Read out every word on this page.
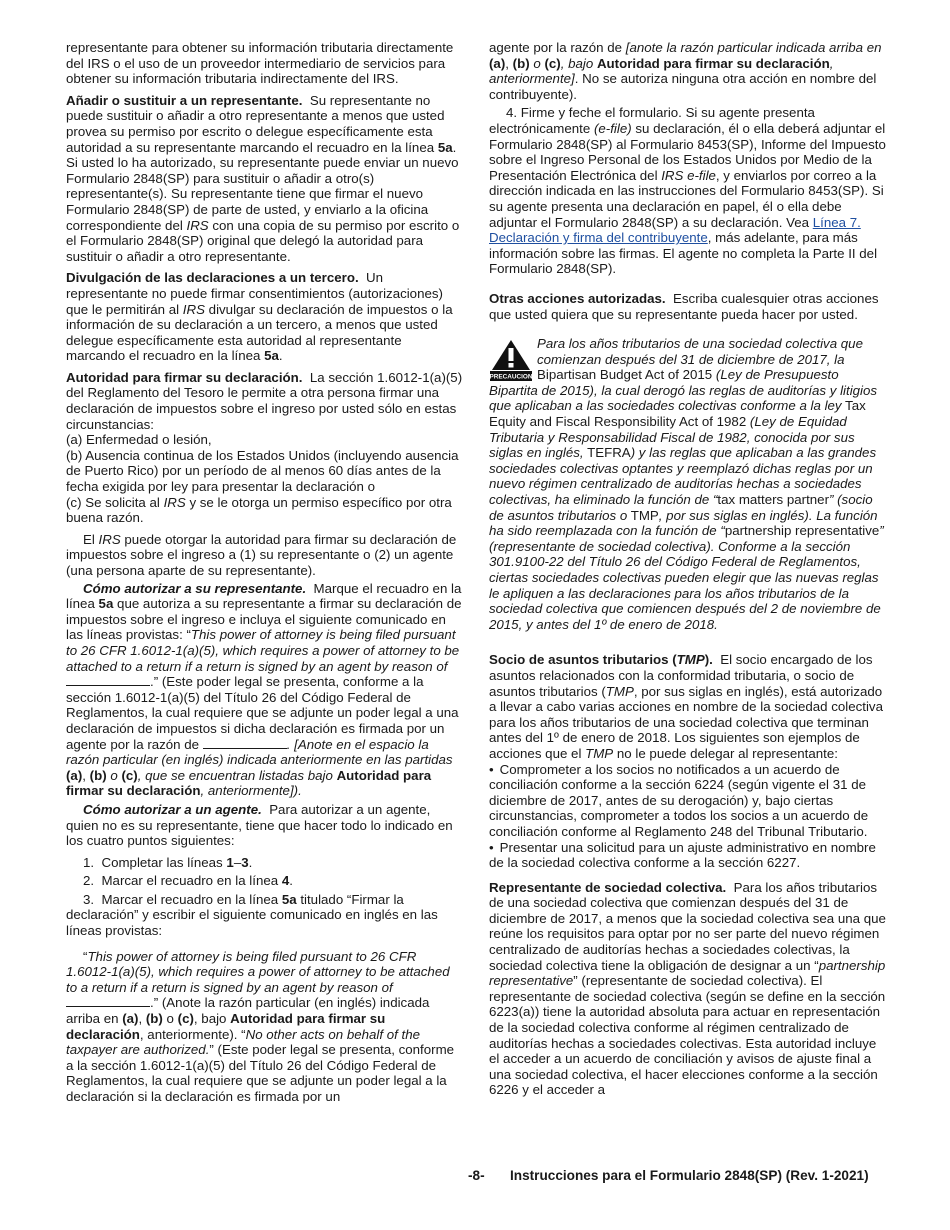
representante para obtener su información tributaria directamente del IRS o el uso de un proveedor intermediario de servicios para obtener su información tributaria indirectamente del IRS.

Añadir o sustituir a un representante. Su representante no puede sustituir o añadir a otro representante a menos que usted provea su permiso por escrito o delegue específicamente esta autoridad a su representante marcando el recuadro en la línea 5a. Si usted lo ha autorizado, su representante puede enviar un nuevo Formulario 2848(SP) para sustituir o añadir a otro(s) representante(s). Su representante tiene que firmar el nuevo Formulario 2848(SP) de parte de usted, y enviarlo a la oficina correspondiente del IRS con una copia de su permiso por escrito o el Formulario 2848(SP) original que delegó la autoridad para sustituir o añadir a otro representante.

Divulgación de las declaraciones a un tercero. Un representante no puede firmar consentimientos (autorizaciones) que le permitirán al IRS divulgar su declaración de impuestos o la información de su declaración a un tercero, a menos que usted delegue específicamente esta autoridad al representante marcando el recuadro en la línea 5a.

Autoridad para firmar su declaración. La sección 1.6012-1(a)(5) del Reglamento del Tesoro le permite a otra persona firmar una declaración de impuestos sobre el ingreso por usted sólo en estas circunstancias:

(a) Enfermedad o lesión,

(b) Ausencia continua de los Estados Unidos (incluyendo ausencia de Puerto Rico) por un período de al menos 60 días antes de la fecha exigida por ley para presentar la declaración o

(c) Se solicita al IRS y se le otorga un permiso específico por otra buena razón.

El IRS puede otorgar la autoridad para firmar su declaración de impuestos sobre el ingreso a (1) su representante o (2) un agente (una persona aparte de su representante).

Cómo autorizar a su representante. Marque el recuadro en la línea 5a que autoriza a su representante a firmar su declaración de impuestos sobre el ingreso e incluya el siguiente comunicado en las líneas provistas: “This power of attorney is being filed pursuant to 26 CFR 1.6012-1(a)(5), which requires a power of attorney to be attached to a return if a return is signed by an agent by reason of .” (Este poder legal se presenta, conforme a la sección 1.6012-1(a)(5) del Título 26 del Código Federal de Reglamentos, la cual requiere que se adjunte un poder legal a una declaración de impuestos si dicha declaración es firmada por un agente por la razón de	. [Anote en el espacio la razón particular (en inglés) indicada anteriormente en las partidas (a), (b) o (c), que se encuentran listadas bajo Autoridad para firmar su declaración, anteriormente]).

Cómo autorizar a un agente. Para autorizar a un agente, quien no es su representante, tiene que hacer todo lo indicado en los cuatro puntos siguientes:

1. Completar las líneas 1–3.

2. Marcar el recuadro en la línea 4.

3. Marcar el recuadro en la línea 5a titulado “Firmar la declaración” y escribir el siguiente comunicado en inglés en las líneas provistas:

“This power of attorney is being filed pursuant to 26 CFR 1.6012-1(a)(5), which requires a power of attorney to be attached to a return if a return is signed by an agent by reason of .” (Anote la razón particular (en inglés) indicada arriba en (a), (b) o (c), bajo Autoridad para firmar su declaración, anteriormente). “No other acts on behalf of the taxpayer are authorized.” (Este poder legal se presenta, conforme a la sección 1.6012-1(a)(5) del Título 26 del Código Federal de Reglamentos, la cual requiere que se adjunte un poder legal a la declaración si la declaración es firmada por un

agente por la razón de [anote la razón particular indicada arriba en (a), (b) o (c), bajo Autoridad para firmar su declaración, anteriormente]. No se autoriza ninguna otra acción en nombre del contribuyente).

4. Firme y feche el formulario. Si su agente presenta electrónicamente (e-file) su declaración, él o ella deberá adjuntar el Formulario 2848(SP) al Formulario 8453(SP), Informe del Impuesto sobre el Ingreso Personal de los Estados Unidos por Medio de la Presentación Electrónica del IRS e-file, y enviarlos por correo a la dirección indicada en las instrucciones del Formulario 8453(SP). Si su agente presenta una declaración en papel, él o ella debe adjuntar el Formulario 2848(SP) a su declaración. Vea Línea 7. Declaración y firma del contribuyente, más adelante, para más información sobre las firmas. El agente no completa la Parte II del Formulario 2848(SP).

Otras acciones autorizadas. Escriba cualesquier otras acciones que usted quiera que su representante pueda hacer por usted.

PRECAUCION
Para los años tributarios de una sociedad colectiva que comienzan después del 31 de diciembre de 2017, la Bipartisan Budget Act of 2015 (Ley de Presupuesto Bipartita de 2015), la cual derogó las reglas de auditorías y litigios que aplicaban a las sociedades colectivas conforme a la ley Tax Equity and Fiscal Responsibility Act of 1982 (Ley de Equidad Tributaria y Responsabilidad Fiscal de 1982, conocida por sus siglas en inglés, TEFRA) y las reglas que aplicaban a las grandes sociedades colectivas optantes y reemplazó dichas reglas por un nuevo régimen centralizado de auditorías hechas a sociedades colectivas, ha eliminado la función de “tax matters partner” (socio de asuntos tributarios o TMP, por sus siglas en inglés). La función ha sido reemplazada con la función de “partnership representative” (representante de sociedad colectiva). Conforme a la sección 301.9100-22 del Título 26 del Código Federal de Reglamentos, ciertas sociedades colectivas pueden elegir que las nuevas reglas le apliquen a las declaraciones para los años tributarios de la sociedad colectiva que comiencen después del 2 de noviembre de 2015, y antes del 1º de enero de 2018.

Socio de asuntos tributarios (TMP). El socio encargado de los asuntos relacionados con la conformidad tributaria, o socio de asuntos tributarios (TMP, por sus siglas en inglés), está autorizado a llevar a cabo varias acciones en nombre de la sociedad colectiva para los años tributarios de una sociedad colectiva que terminan antes del 1º de enero de 2018. Los siguientes son ejemplos de acciones que el TMP no le puede delegar al representante:

• Comprometer a los socios no notificados a un acuerdo de conciliación conforme a la sección 6224 (según vigente el 31 de diciembre de 2017, antes de su derogación) y, bajo ciertas circunstancias, comprometer a todos los socios a un acuerdo de conciliación conforme al Reglamento 248 del Tribunal Tributario.

• Presentar una solicitud para un ajuste administrativo en nombre de la sociedad colectiva conforme a la sección 6227.

Representante de sociedad colectiva. Para los años tributarios de una sociedad colectiva que comienzan después del 31 de diciembre de 2017, a menos que la sociedad colectiva sea una que reúne los requisitos para optar por no ser parte del nuevo régimen centralizado de auditorías hechas a sociedades colectivas, la sociedad colectiva tiene la obligación de designar a un “partnership representative” (representante de sociedad colectiva). El representante de sociedad colectiva (según se define en la sección 6223(a)) tiene la autoridad absoluta para actuar en representación de la sociedad colectiva conforme al régimen centralizado de auditorías hechas a sociedades colectivas. Esta autoridad incluye el acceder a un acuerdo de conciliación y avisos de ajuste final a una sociedad colectiva, el hacer elecciones conforme a la sección 6226 y el acceder a

-8- Instrucciones para el Formulario 2848(SP) (Rev. 1-2021)
